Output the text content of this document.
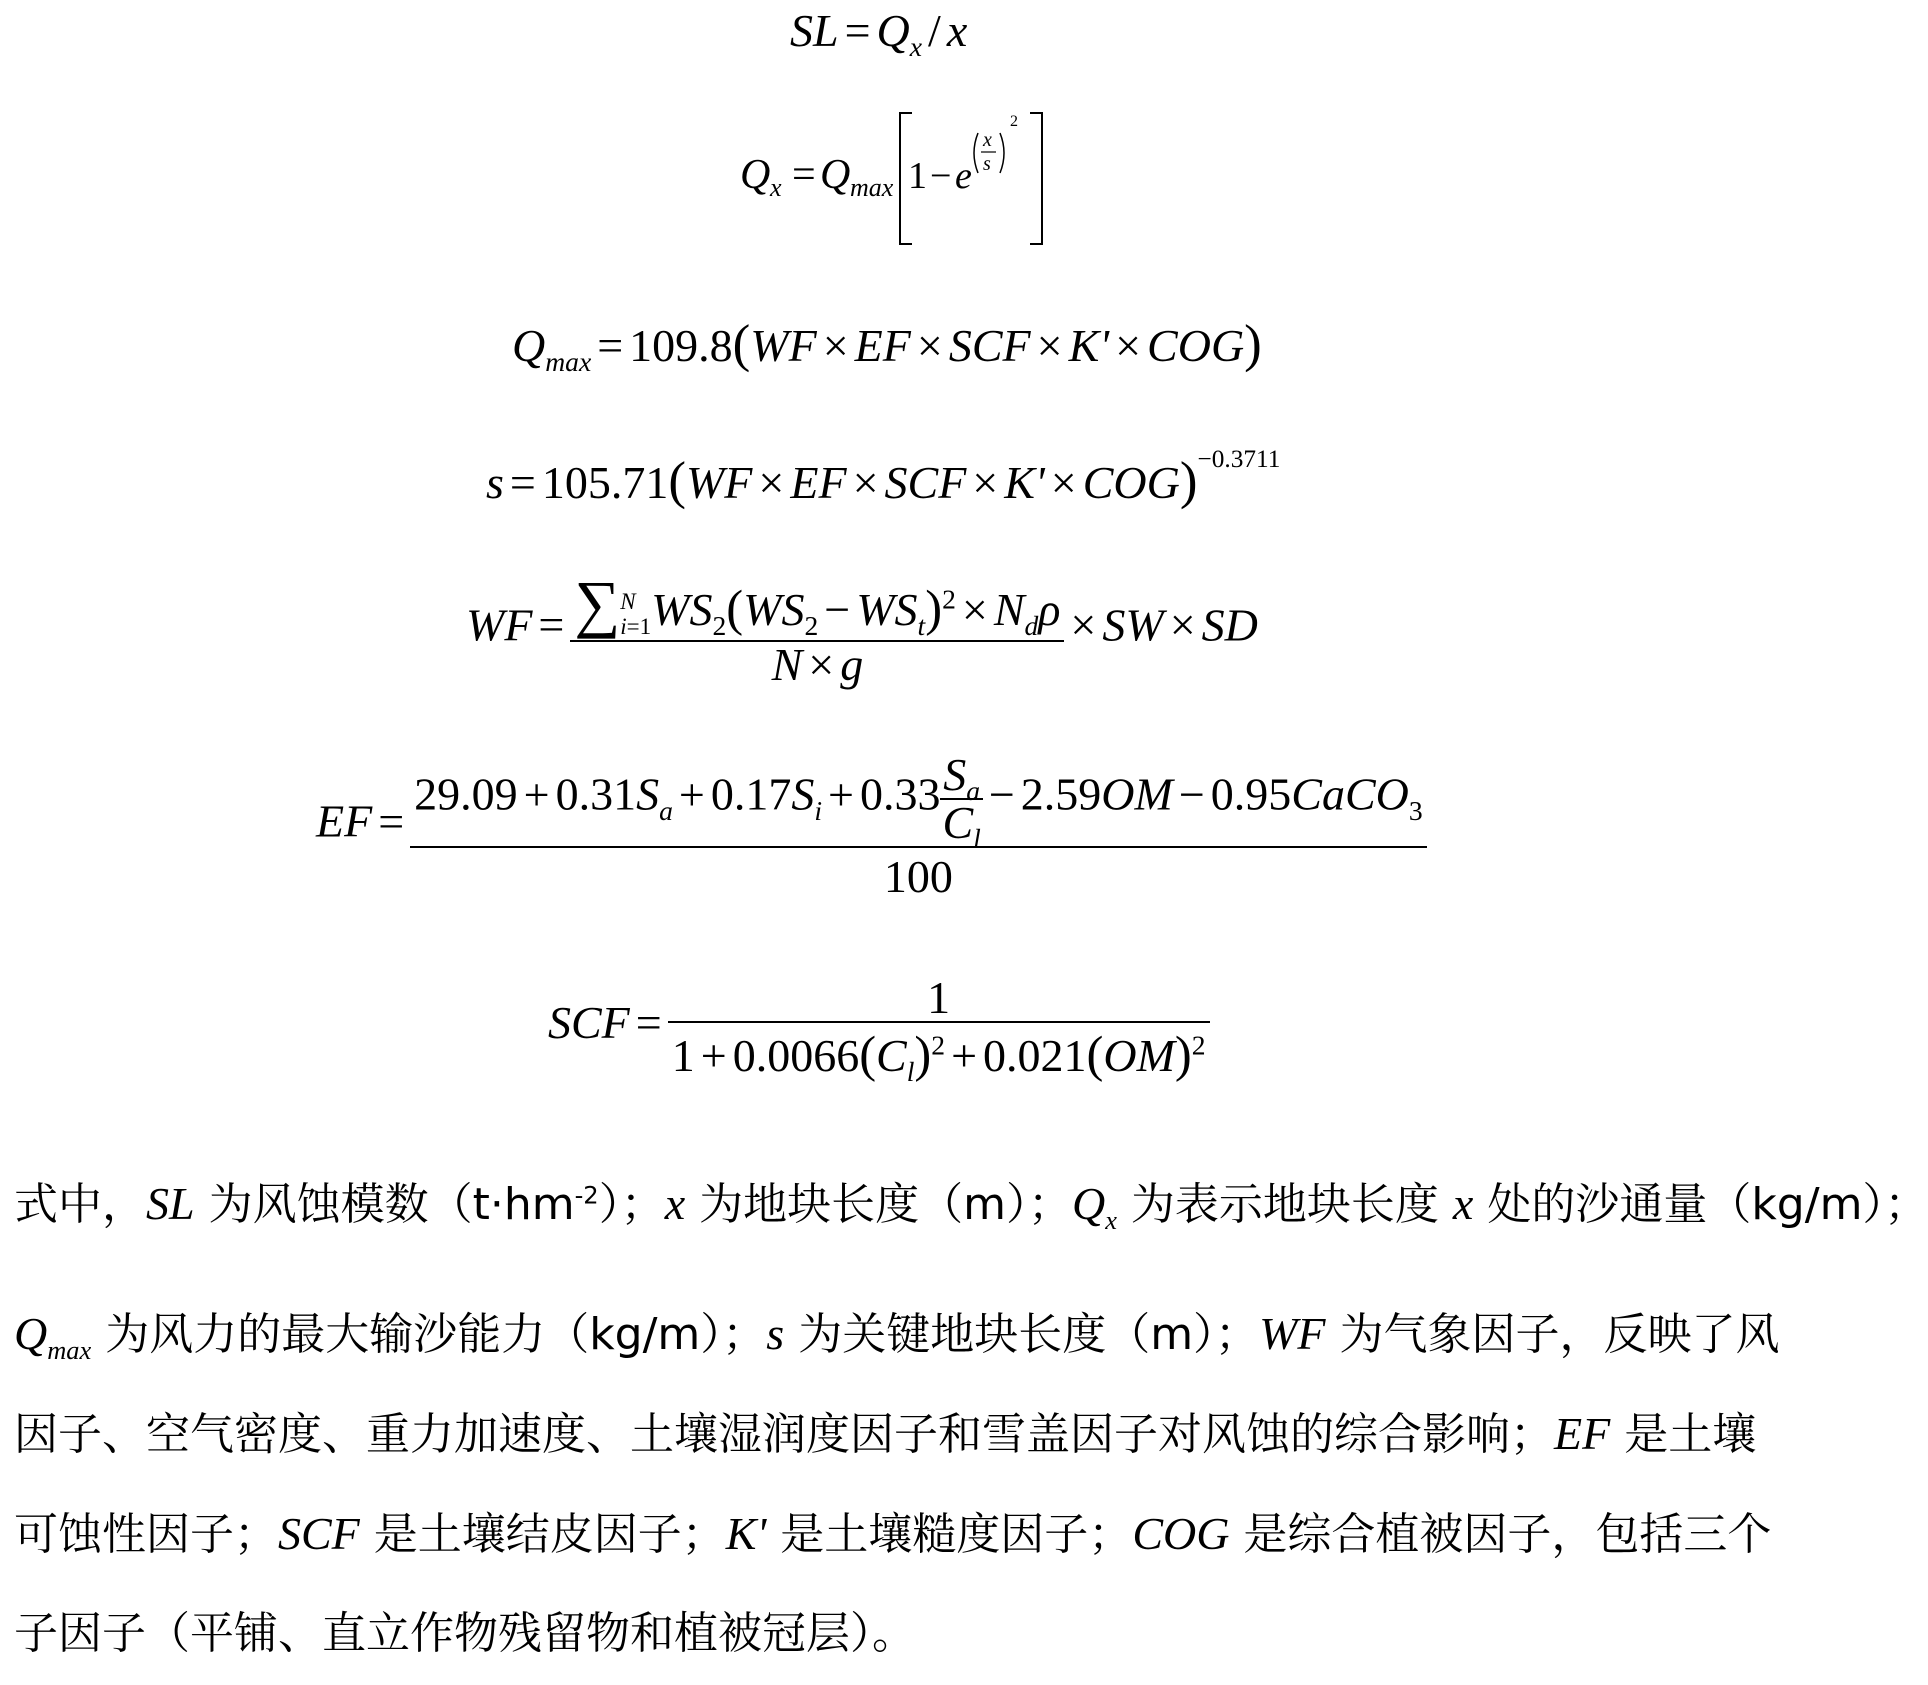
SL = $Q_x$ / x
Q x = Q max 1 − e
x
s
2
$Q_{max} = 109.8(WF$ × EF × SCF × K' × COG)
s = 105.71(WF × EF × SCF × K' × COG)$^{-0.3711}$
WF = ∑N
$i=1WS_2(WS_2 - WS_t)^2 \times N_d\rho$
N × g
× SW × SD
EF = $\frac{29.09 + 0.31S_a + 0.17S_i + 0.33 \frac{S_a}{C_l} - 2.59OM - 0.95CaCO_3}{100}$
SCF = $\frac{1}{1 + 0.0066(C_l)^2 + 0.021(OM)^2}$
式中，SL 为风蚀模数$(t\cdot hm^{-2})$；x 为地块长度（m）；$Q_x$ 为表示地块长度 x 处的沙通量（kg/m）；
$Q_{max}$ 为风力的最大输沙能力（kg/m）；s 为关键地块长度（m）；WF 为气象因子，反映了风
因子、空气密度、重力加速度、土壤湿润度因子和雪盖因子对风蚀的综合影响；EF 是土壤
可蚀性因子；SCF 是土壤结皮因子；K' 是土壤糙度因子；COG 是综合植被因子，包括三个
子因子（平铺、直立作物残留物和植被冠层）。
